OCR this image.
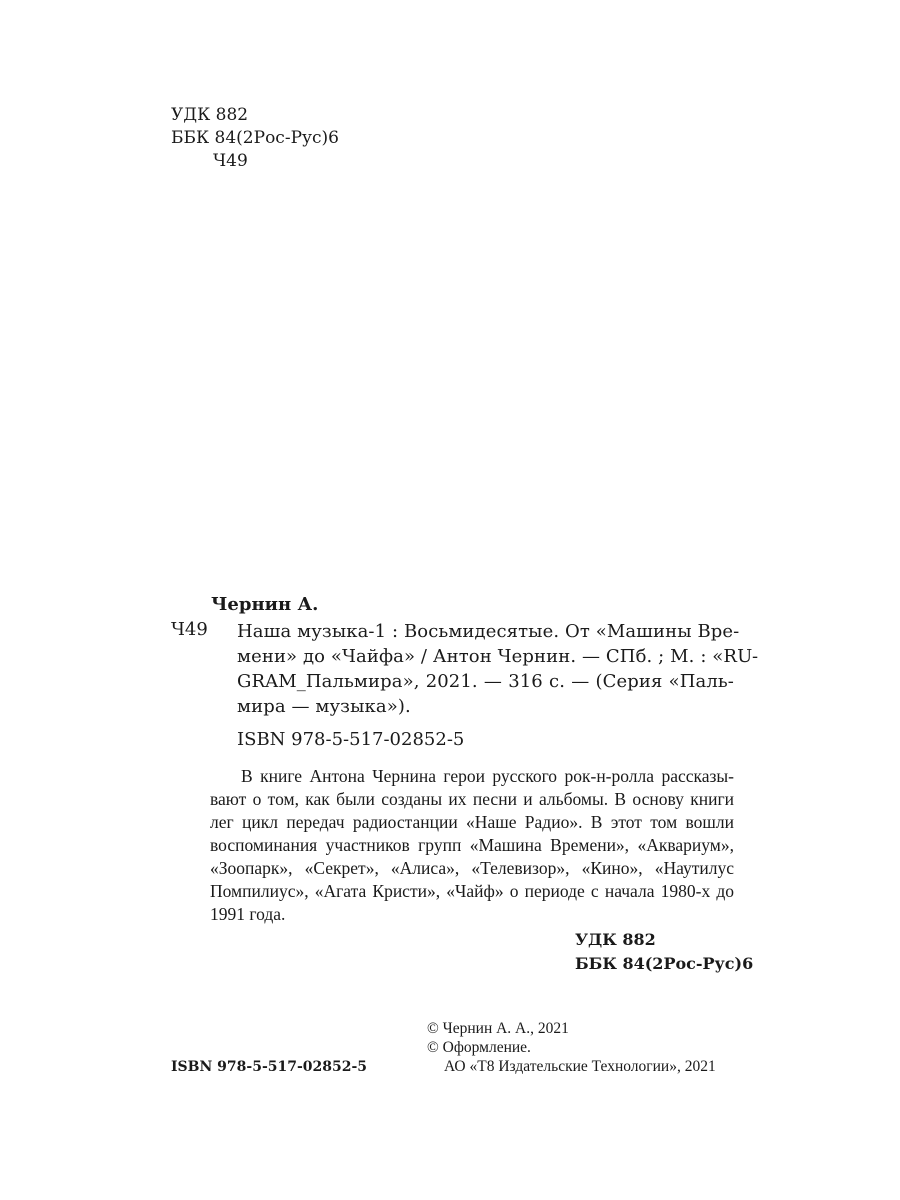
УДК 882
ББК 84(2Рос-Рус)6
Ч49
Чернин А.
Ч49 Наша музыка-1 : Восьмидесятые. От «Машины Вре-
мени» до «Чайфа» / Антон Чернин. — СПб. ; М. : «RU-
GRAM_Пальмира», 2021. — 316 с. — (Серия «Паль-
мира — музыка»).
ISBN 978-5-517-02852-5
В книге Антона Чернина герои русского рок-н-ролла рассказы-
вают о том, как были созданы их песни и альбомы. В основу книги
лег цикл передач радиостанции «Наше Радио». В этот том вошли
воспоминания участников групп «Машина Времени», «Аквариум»,
«Зоопарк», «Секрет», «Алиса», «Телевизор», «Кино», «Наутилус
Помпилиус», «Агата Кристи», «Чайф» о периоде с начала 1980-х до
1991 года.
УДК 882
ББК 84(2Рос-Рус)6
© Чернин А. А., 2021
© Оформление.
АО «Т8 Издательские Технологии», 2021
ISBN 978-5-517-02852-5
